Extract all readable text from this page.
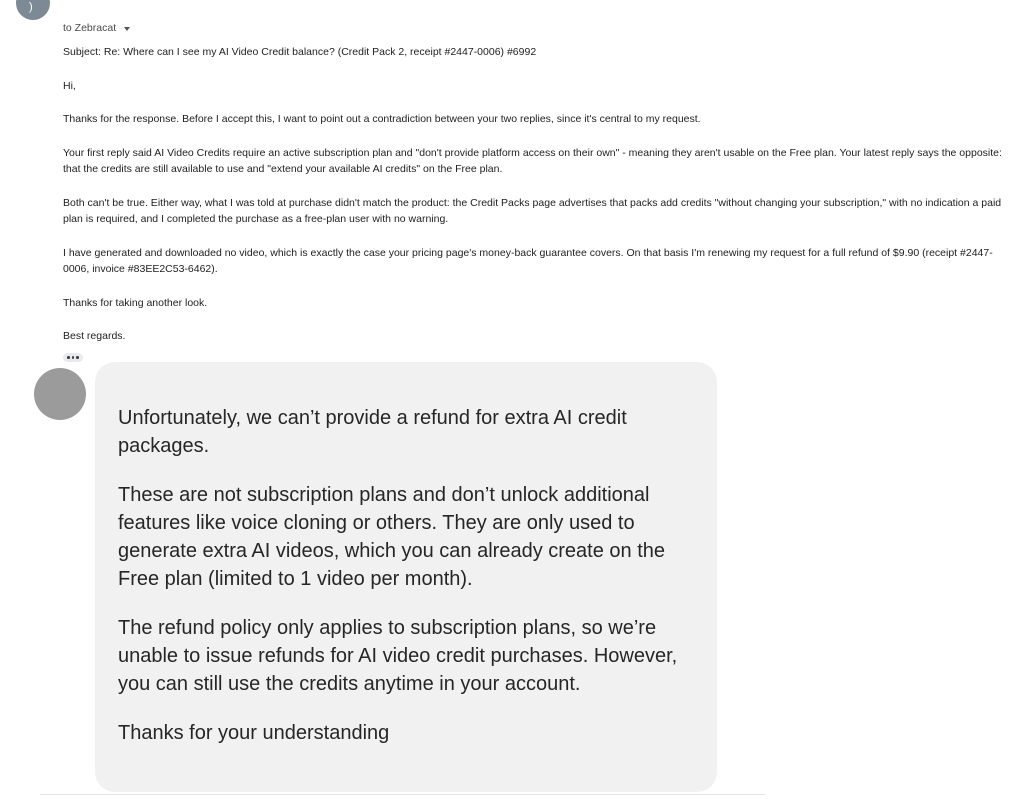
)
to Zebracat

Subject: Re: Where can I see my AI Video Credit balance? (Credit Pack 2, receipt #2447-0006) #6992

Hi,

Thanks for the response. Before I accept this, I want to point out a contradiction between your two replies, since it's central to my request.

Your first reply said AI Video Credits require an active subscription plan and "don't provide platform access on their own" - meaning they aren't usable on the Free plan. Your latest reply says the opposite: that the credits are still available to use and "extend your available AI credits" on the Free plan.

Both can't be true. Either way, what I was told at purchase didn't match the product: the Credit Packs page advertises that packs add credits "without changing your subscription," with no indication a paid plan is required, and I completed the purchase as a free-plan user with no warning.

I have generated and downloaded no video, which is exactly the case your pricing page's money-back guarantee covers. On that basis I'm renewing my request for a full refund of $9.90 (receipt #2447-0006, invoice #83EE2C53-6462).

Thanks for taking another look.

Best regards.

Unfortunately, we can’t provide a refund for extra AI credit packages.

These are not subscription plans and don’t unlock additional features like voice cloning or others. They are only used to generate extra AI videos, which you can already create on the Free plan (limited to 1 video per month).

The refund policy only applies to subscription plans, so we’re unable to issue refunds for AI video credit purchases. However, you can still use the credits anytime in your account.

Thanks for your understanding
